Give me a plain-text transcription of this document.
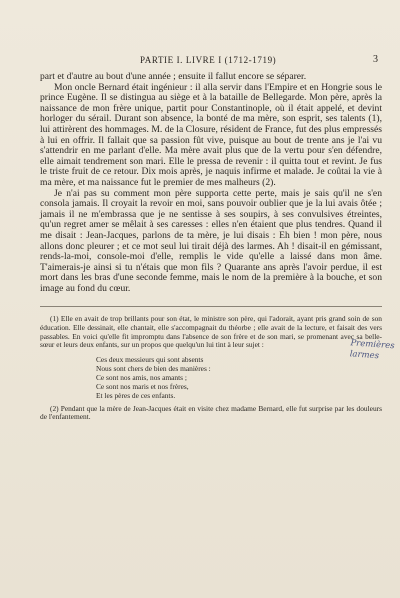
PARTIE I. LIVRE I (1712-1719)	3

part et d'autre au bout d'une année ; ensuite il fallut encore se séparer.

Mon oncle Bernard était ingénieur : il alla servir dans l'Empire et en Hongrie sous le prince Eugène. Il se distingua au siège et à la bataille de Bellegarde. Mon père, après la naissance de mon frère unique, partit pour Constantinople, où il était appelé, et devint horloger du sérail. Durant son absence, la bonté de ma mère, son esprit, ses talents (1), lui attirèrent des hommages. M. de la Closure, résident de France, fut des plus empressés à lui en offrir. Il fallait que sa passion fût vive, puisque au bout de trente ans je l'ai vu s'attendrir en me parlant d'elle. Ma mère avait plus que de la vertu pour s'en défendre, elle aimait tendrement son mari. Elle le pressa de revenir : il quitta tout et revint. Je fus le triste fruit de ce retour. Dix mois après, je naquis infirme et malade. Je coûtai la vie à ma mère, et ma naissance fut le premier de mes malheurs (2).

Je n'ai pas su comment mon père supporta cette perte, mais je sais qu'il ne s'en consola jamais. Il croyait la revoir en moi, sans pouvoir oublier que je la lui avais ôtée ; jamais il ne m'embrassa que je ne sentisse à ses soupirs, à ses convulsives étreintes, qu'un regret amer se mêlait à ses caresses : elles n'en étaient que plus tendres. Quand il me disait : Jean-Jacques, parlons de ta mère, je lui disais : Eh bien ! mon père, nous allons donc pleurer ; et ce mot seul lui tirait déjà des larmes. Ah ! disait-il en gémissant, rends-la-moi, console-moi d'elle, remplis le vide qu'elle a laissé dans mon âme. T'aimerais-je ainsi si tu n'étais que mon fils ? Quarante ans après l'avoir perdue, il est mort dans les bras d'une seconde femme, mais le nom de la première à la bouche, et son image au fond du cœur.

Premières larmes

(1) Elle en avait de trop brillants pour son état, le ministre son père, qui l'adorait, ayant pris grand soin de son éducation. Elle dessinait, elle chantait, elle s'accompagnait du théorbe ; elle avait de la lecture, et faisait des vers passables. En voici qu'elle fit impromptu dans l'absence de son frère et de son mari, se promenant avec sa belle-sœur et leurs deux enfants, sur un propos que quelqu'un lui tint à leur sujet :

Ces deux messieurs qui sont absents
Nous sont chers de bien des manières :
Ce sont nos amis, nos amants ;
Ce sont nos maris et nos frères,
Et les pères de ces enfants.

(2) Pendant que la mère de Jean-Jacques était en visite chez madame Bernard, elle fut surprise par les douleurs de l'enfantement.
